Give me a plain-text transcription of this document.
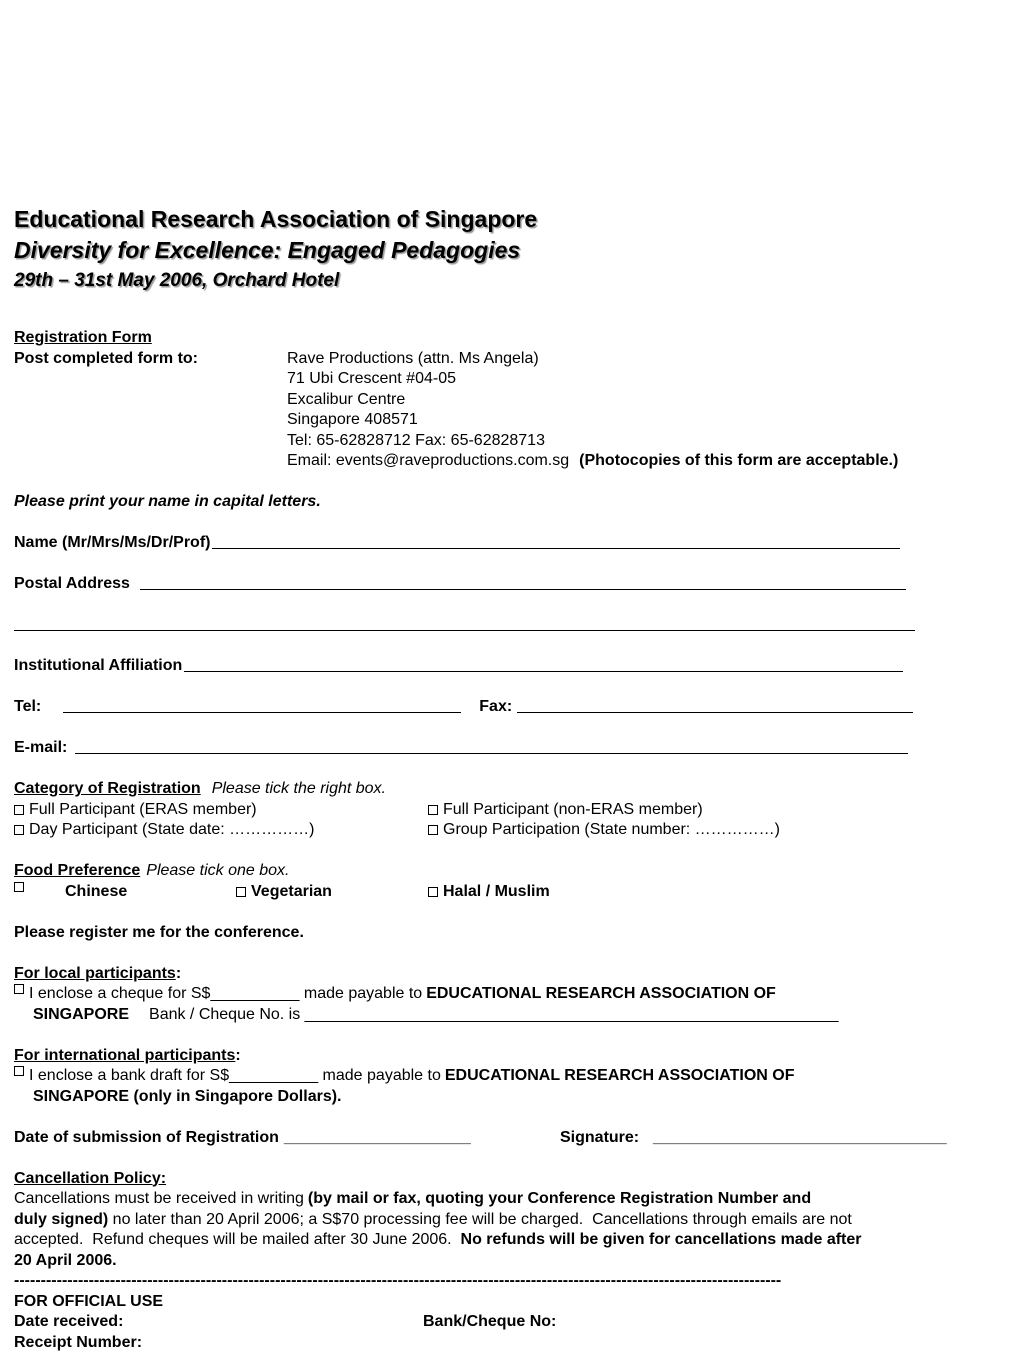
Educational Research Association of Singapore
Diversity for Excellence: Engaged Pedagogies
29th – 31st May 2006, Orchard Hotel
Registration Form
Post completed form to:	Rave Productions (attn. Ms Angela)
71 Ubi Crescent #04-05
Excalibur Centre
Singapore 408571
Tel: 65-62828712 Fax: 65-62828713
Email: events@raveproductions.com.sg (Photocopies of this form are acceptable.)
Please print your name in capital letters.
Name (Mr/Mrs/Ms/Dr/Prof)
Postal Address
Institutional Affiliation
Tel:	Fax:
E-mail:
Category of Registration Please tick the right box.
Full Participant (ERAS member)	Full Participant (non-ERAS member)
Day Participant (State date: ……………)	Group Participation (State number: ……………)
Food Preference Please tick one box.
Chinese	Vegetarian	Halal / Muslim
Please register me for the conference.
For local participants :
I enclose a cheque for S$__________ made payable to EDUCATIONAL RESEARCH ASSOCIATION OF
SINGAPORE Bank / Cheque No. is ____________________________________________________________
For international participants :
I enclose a bank draft for S$__________ made payable to EDUCATIONAL RESEARCH ASSOCIATION OF
SINGAPORE (only in Singapore Dollars).
Date of submission of Registration _____________________	Signature: _________________________________
Cancellation Policy:
Cancellations must be received in writing (by mail or fax, quoting your Conference Registration Number and
duly signed) no later than 20 April 2006; a S$70 processing fee will be charged.  Cancellations through emails are not
accepted.  Refund cheques will be mailed after 30 June 2006. No refunds will be given for cancellations made after
20 April 2006.
------------------------------------------------------------------------------------------------------------------------------------------------
FOR OFFICIAL USE
Date received:	Bank/Cheque No:
Receipt Number:
